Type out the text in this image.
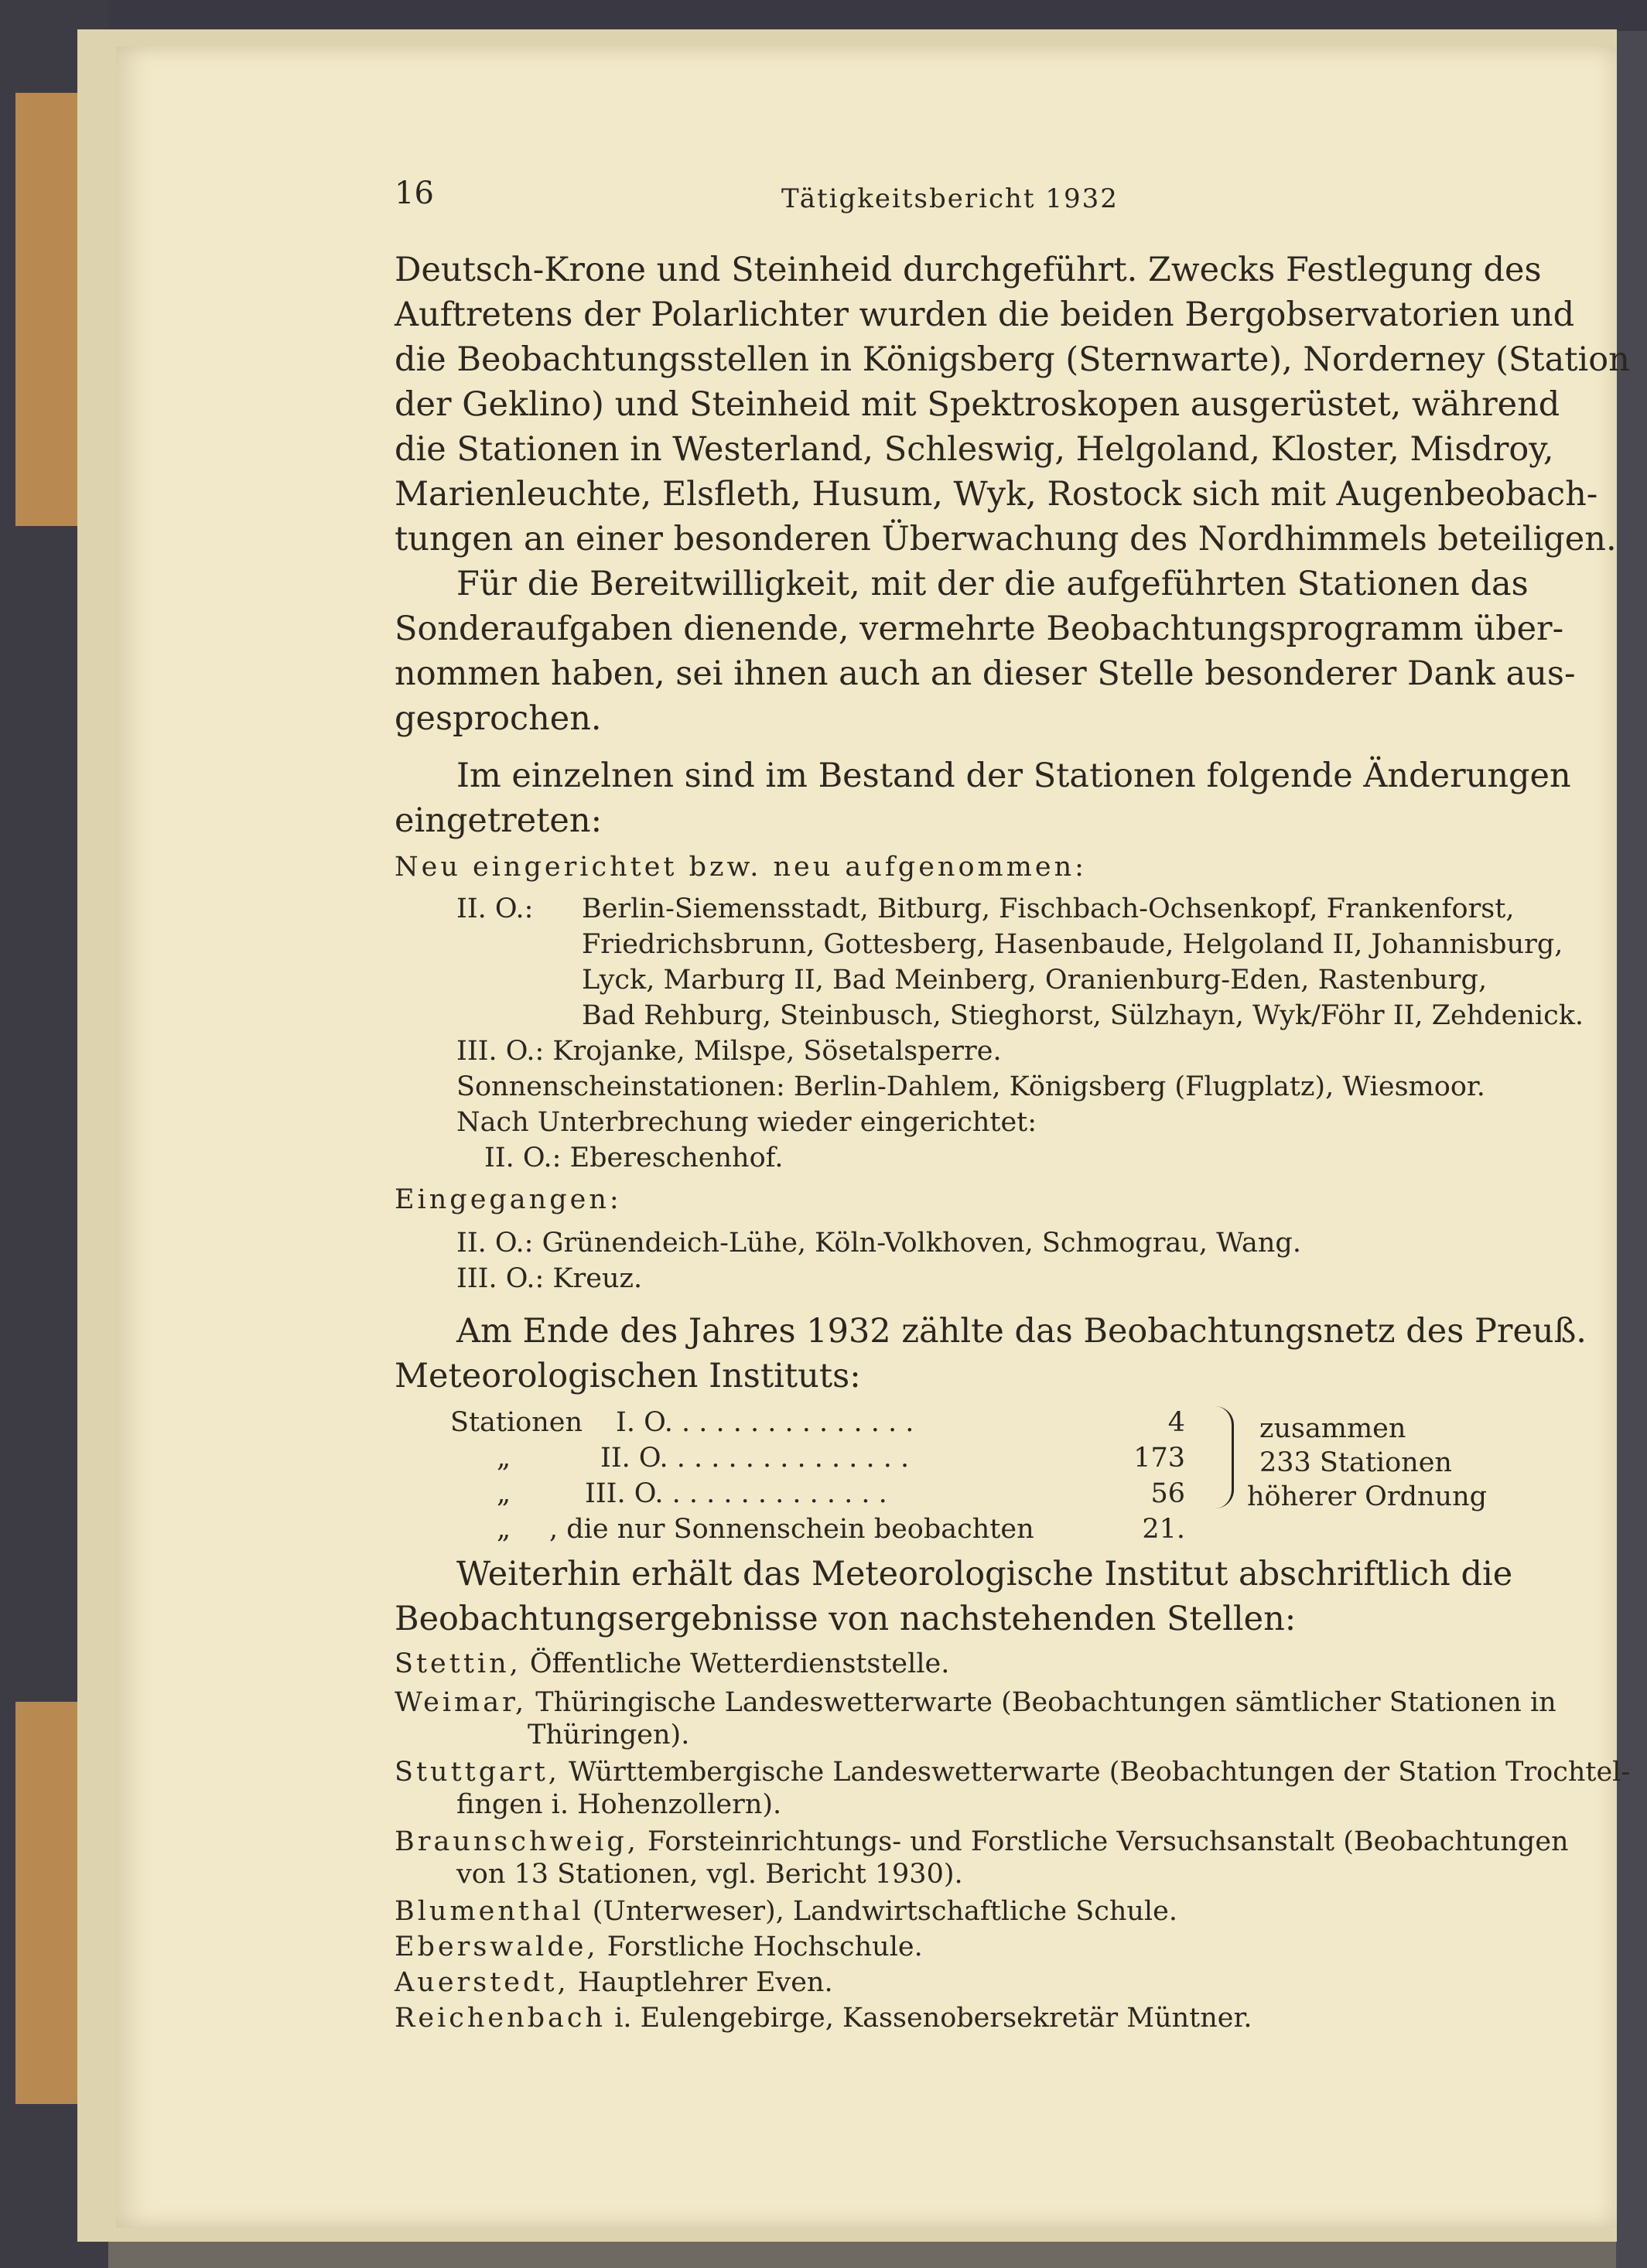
16	Tätigkeitsbericht 1932
Deutsch-Krone und Steinheid durchgeführt. Zwecks Festlegung des
Auftretens der Polarlichter wurden die beiden Bergobservatorien und
die Beobachtungsstellen in Königsberg (Sternwarte), Norderney (Station
der Geklino) und Steinheid mit Spektroskopen ausgerüstet, während
die Stationen in Westerland, Schleswig, Helgoland, Kloster, Misdroy,
Marienleuchte, Elsfleth, Husum, Wyk, Rostock sich mit Augenbeobach-
tungen an einer besonderen Überwachung des Nordhimmels beteiligen.
Für die Bereitwilligkeit, mit der die aufgeführten Stationen das
Sonderaufgaben dienende, vermehrte Beobachtungsprogramm über-
nommen haben, sei ihnen auch an dieser Stelle besonderer Dank aus-
gesprochen.
Im einzelnen sind im Bestand der Stationen folgende Änderungen
eingetreten:
Neu eingerichtet bzw. neu aufgenommen:
II. O.: Berlin-Siemensstadt, Bitburg, Fischbach-Ochsenkopf, Frankenforst,
Friedrichsbrunn, Gottesberg, Hasenbaude, Helgoland II, Johannisburg,
Lyck, Marburg II, Bad Meinberg, Oranienburg-Eden, Rastenburg,
Bad Rehburg, Steinbusch, Stieghorst, Sülzhayn, Wyk/Föhr II, Zehdenick.
III. O.: Krojanke, Milspe, Sösetalsperre.
Sonnenscheinstationen: Berlin-Dahlem, Königsberg (Flugplatz), Wiesmoor.
Nach Unterbrechung wieder eingerichtet:
II. O.: Ebereschenhof.
Eingegangen:
II. O.: Grünendeich-Lühe, Köln-Volkhoven, Schmograu, Wang.
III. O.: Kreuz.
Am Ende des Jahres 1932 zählte das Beobachtungsnetz des Preuß.
Meteorologischen Instituts:
Stationen I. O. . . . . . . . . . . . . . .	4
„	II. O. . . . . . . . . . . . . . .	173
„	III. O. . . . . . . . . . . . . .	56
„ , die nur Sonnenschein beobachten	21.
zusammen
233 Stationen
höherer Ordnung
Weiterhin erhält das Meteorologische Institut abschriftlich die
Beobachtungsergebnisse von nachstehenden Stellen:
Stettin, Öffentliche Wetterdienststelle.
Weimar, Thüringische Landeswetterwarte (Beobachtungen sämtlicher Stationen in
Thüringen).
Stuttgart, Württembergische Landeswetterwarte (Beobachtungen der Station Trochtel-
fingen i. Hohenzollern).
Braunschweig, Forsteinrichtungs- und Forstliche Versuchsanstalt (Beobachtungen
von 13 Stationen, vgl. Bericht 1930).
Blumenthal (Unterweser), Landwirtschaftliche Schule.
Eberswalde, Forstliche Hochschule.
Auerstedt, Hauptlehrer Even.
Reichenbach i. Eulengebirge, Kassenobersekretär Müntner.
